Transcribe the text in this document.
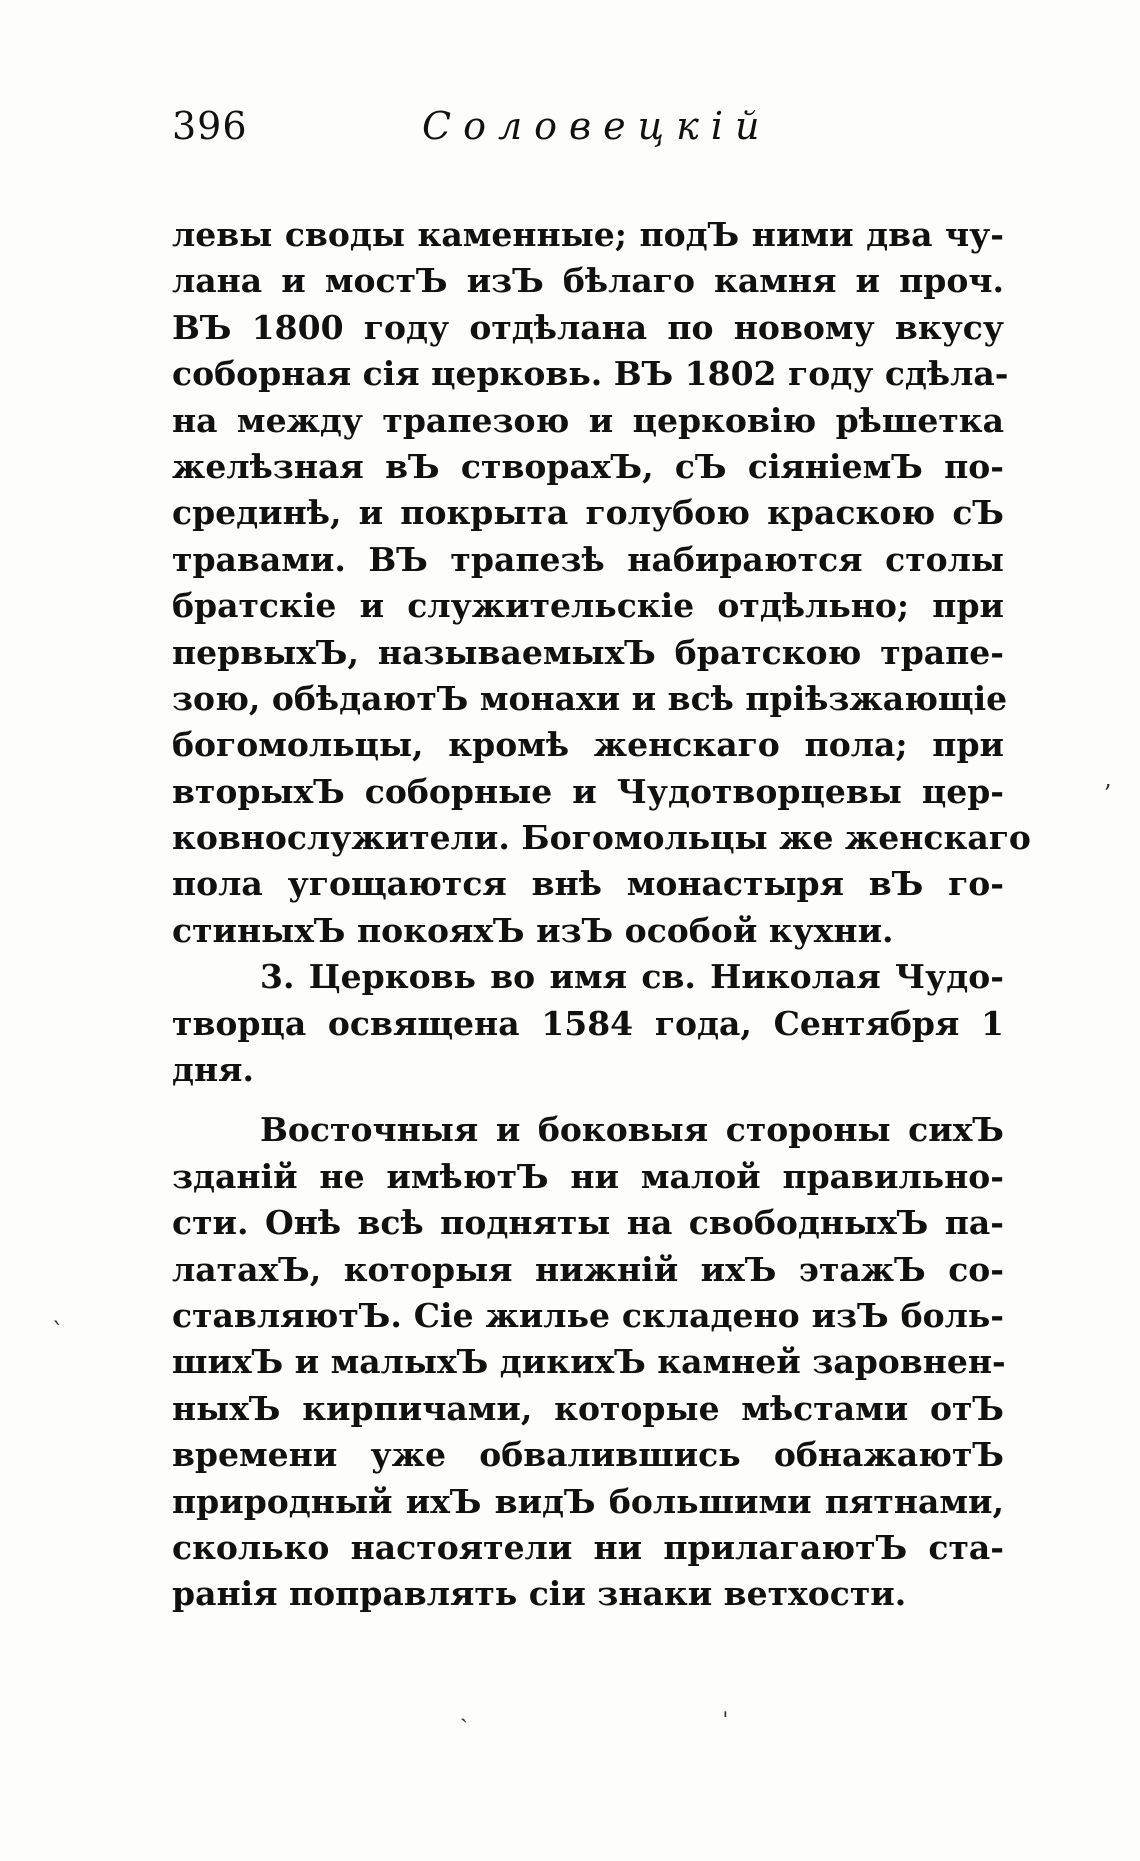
396	Соловецкій
левы своды каменные; подЪ ними два чу-
лана и мостЪ изЪ бѣлаго камня и проч.
ВЪ 1800 году отдѣлана по новому вкусу
соборная сія церковь. ВЪ 1802 году сдѣла-
на между трапезою и церковію рѣшетка
желѣзная вЪ створахЪ, сЪ сіяніемЪ по-
срединѣ, и покрыта голубою краскою сЪ
травами. ВЪ трапезѣ набираются столы
братскіе и служительскіе отдѣльно; при
первыхЪ, называемыхЪ братскою трапе-
зою, обѣдаютЪ монахи и всѣ пріѣзжающіе
богомольцы, кромѣ женскаго пола; при
вторыхЪ соборные и Чудотворцевы цер-
ковнослужители. Богомольцы же женскаго
пола угощаются внѣ монастыря вЪ го-
стиныхЪ покояхЪ изЪ особой кухни.
3. Церковь во имя св. Николая Чудо-
творца освящена 1584 года, Сентября 1
дня.
Восточныя и боковыя стороны сихЪ
зданій не имѣютЪ ни малой правильно-
сти. Онѣ всѣ подняты на свободныхЪ па-
латахЪ, которыя нижній ихЪ этажЪ со-
ставляютЪ. Сіе жилье складено изЪ боль-
шихЪ и малыхЪ дикихЪ камней заровнен-
ныхЪ кирпичами, которые мѣстами отЪ
времени уже обвалившись обнажаютЪ
природный ихЪ видЪ большими пятнами,
сколько настоятели ни прилагаютЪ ста-
ранія поправлять сіи знаки ветхости.
ʼ
ˋ
ˎ	ˈ
